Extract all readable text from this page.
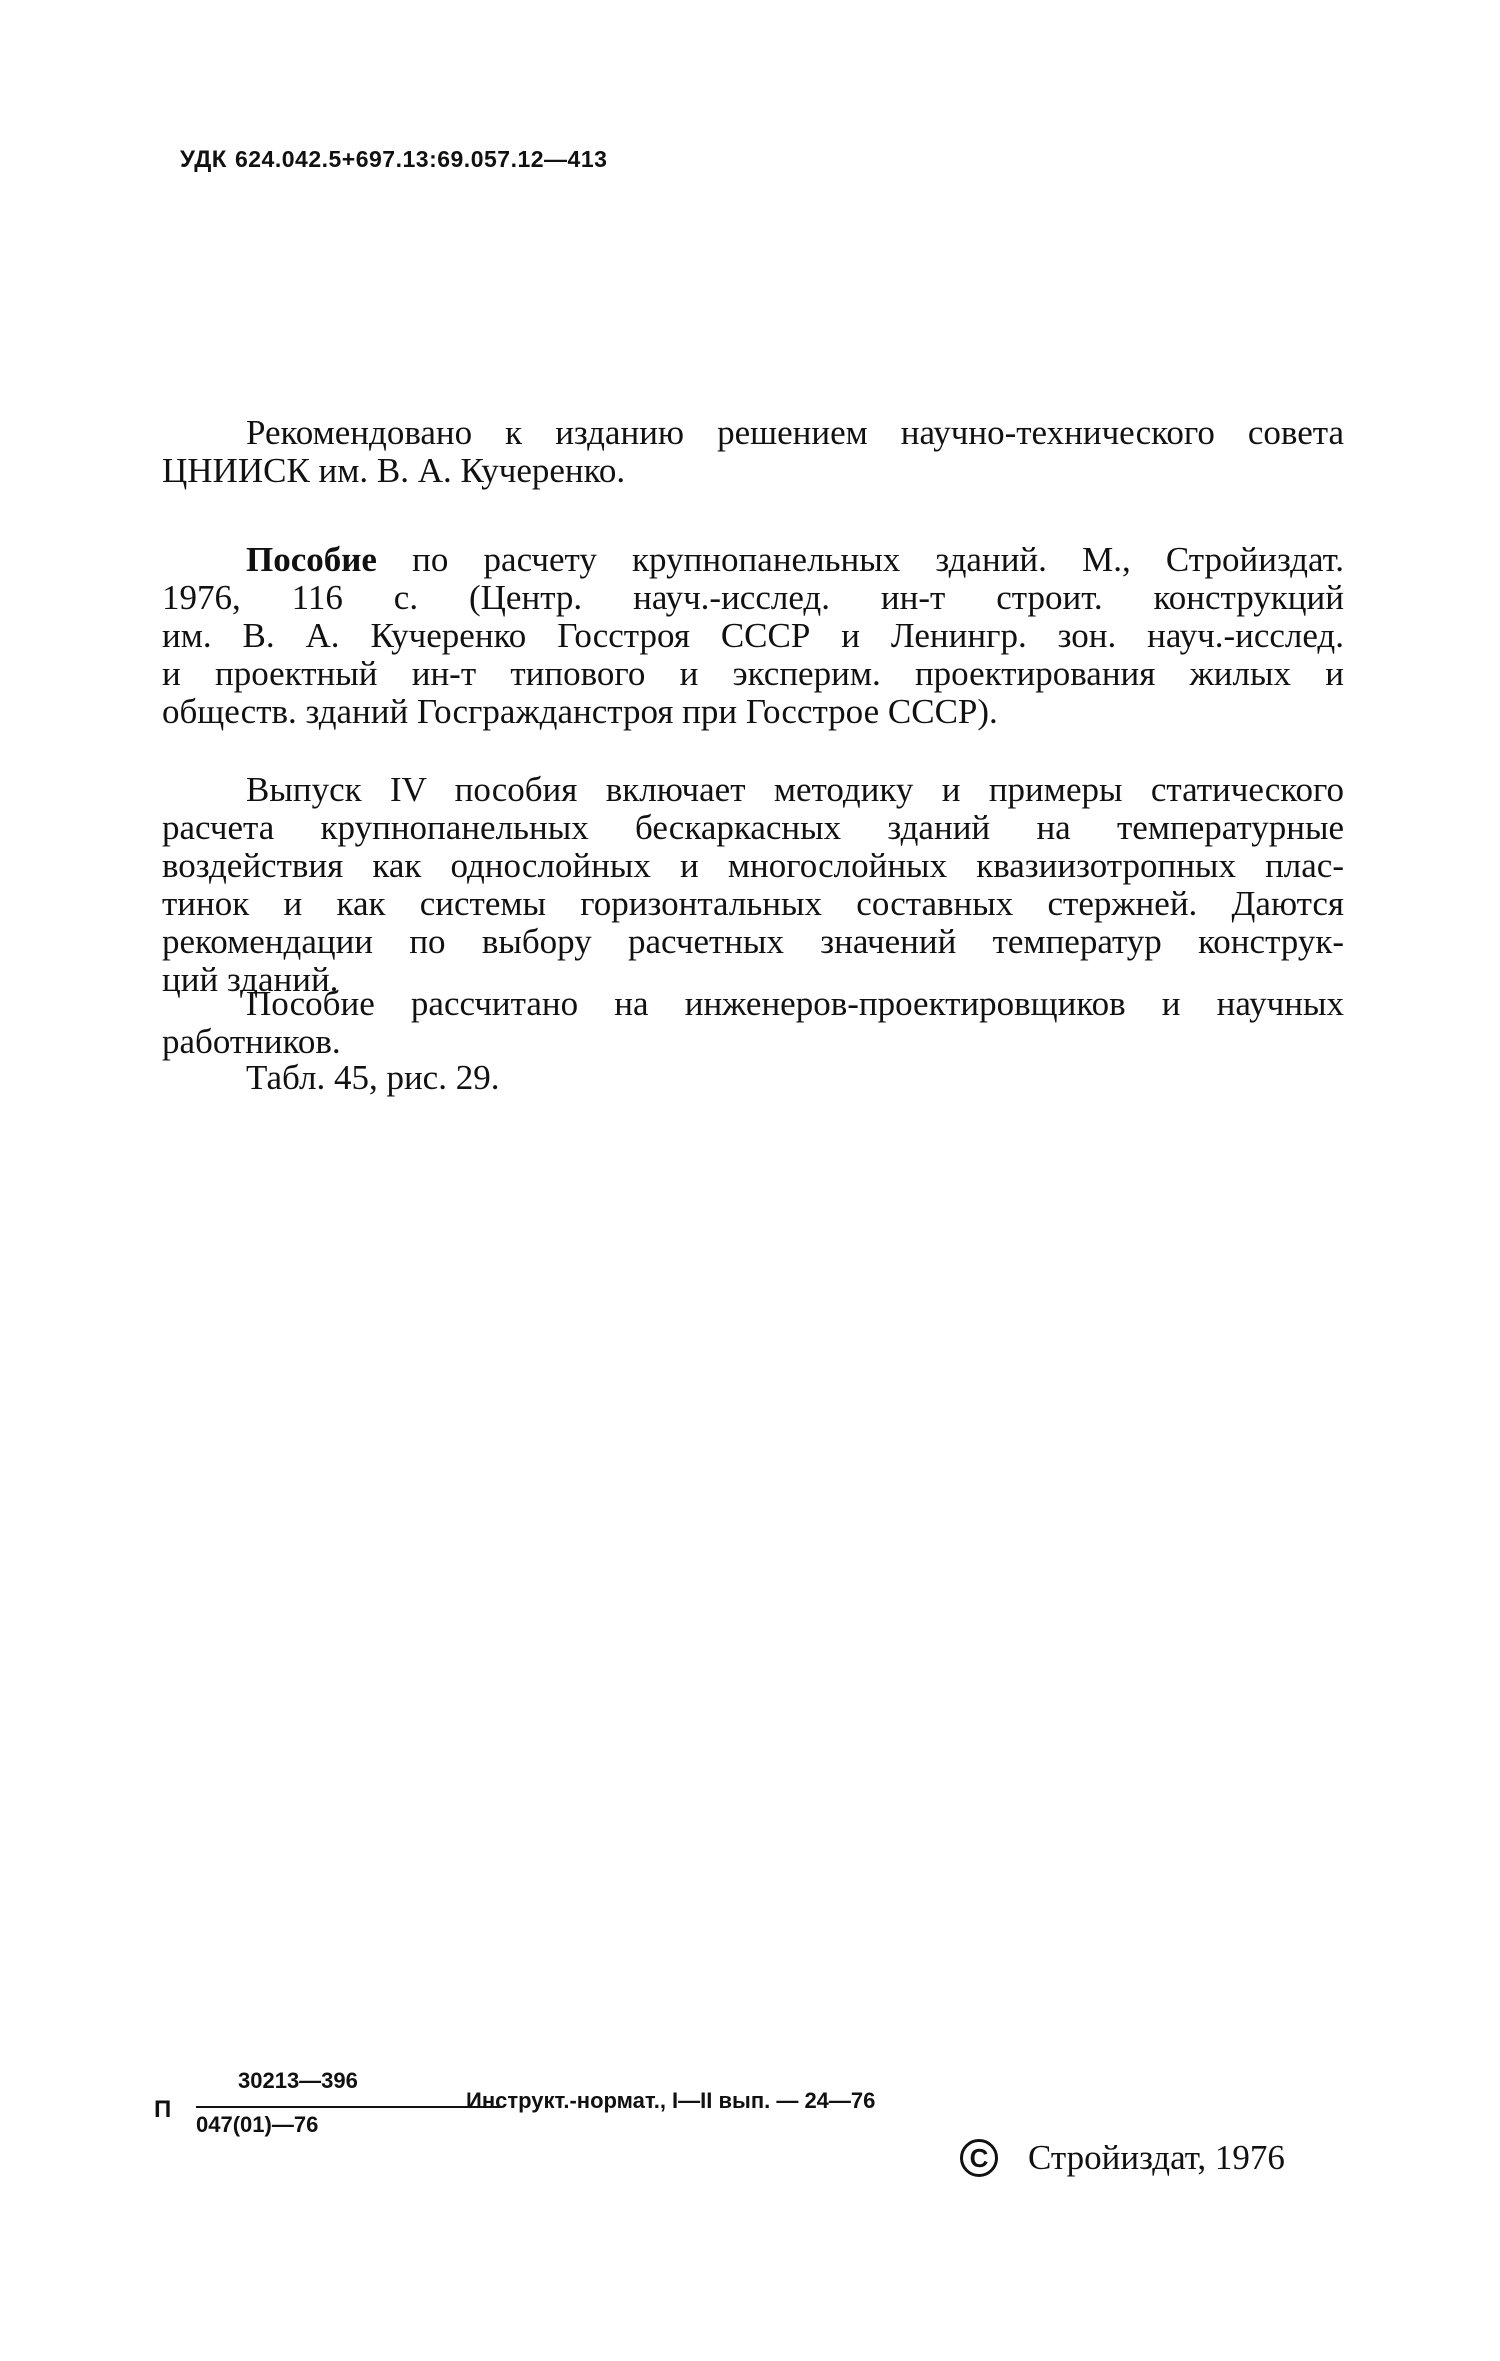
УДК 624.042.5+697.13:69.057.12—413
Рекомендовано к изданию решением научно-технического совета
ЦНИИСК им. В. А. Кучеренко.
Пособие по расчету крупнопанельных зданий. М., Стройиздат.
1976, 116 с. (Центр. науч.-исслед. ин-т строит. конструкций
им. В. А. Кучеренко Госстроя СССР и Ленингр. зон. науч.-исслед.
и проектный ин-т типового и эксперим. проектирования жилых и
обществ. зданий Госгражданстроя при Госстрое СССР).
Выпуск IV пособия включает методику и примеры статического
расчета крупнопанельных бескаркасных зданий на температурные
воздействия как однослойных и многослойных квазиизотропных плас-
тинок и как системы горизонтальных составных стержней. Даются
рекомендации по выбору расчетных значений температур конструк-
ций зданий.
Пособие рассчитано на инженеров-проектировщиков и научных
работников.
Табл. 45, рис. 29.
П
30213—396
047(01)—76
Инструкт.-нормат., I—II вып. — 24—76
C Стройиздат, 1976
